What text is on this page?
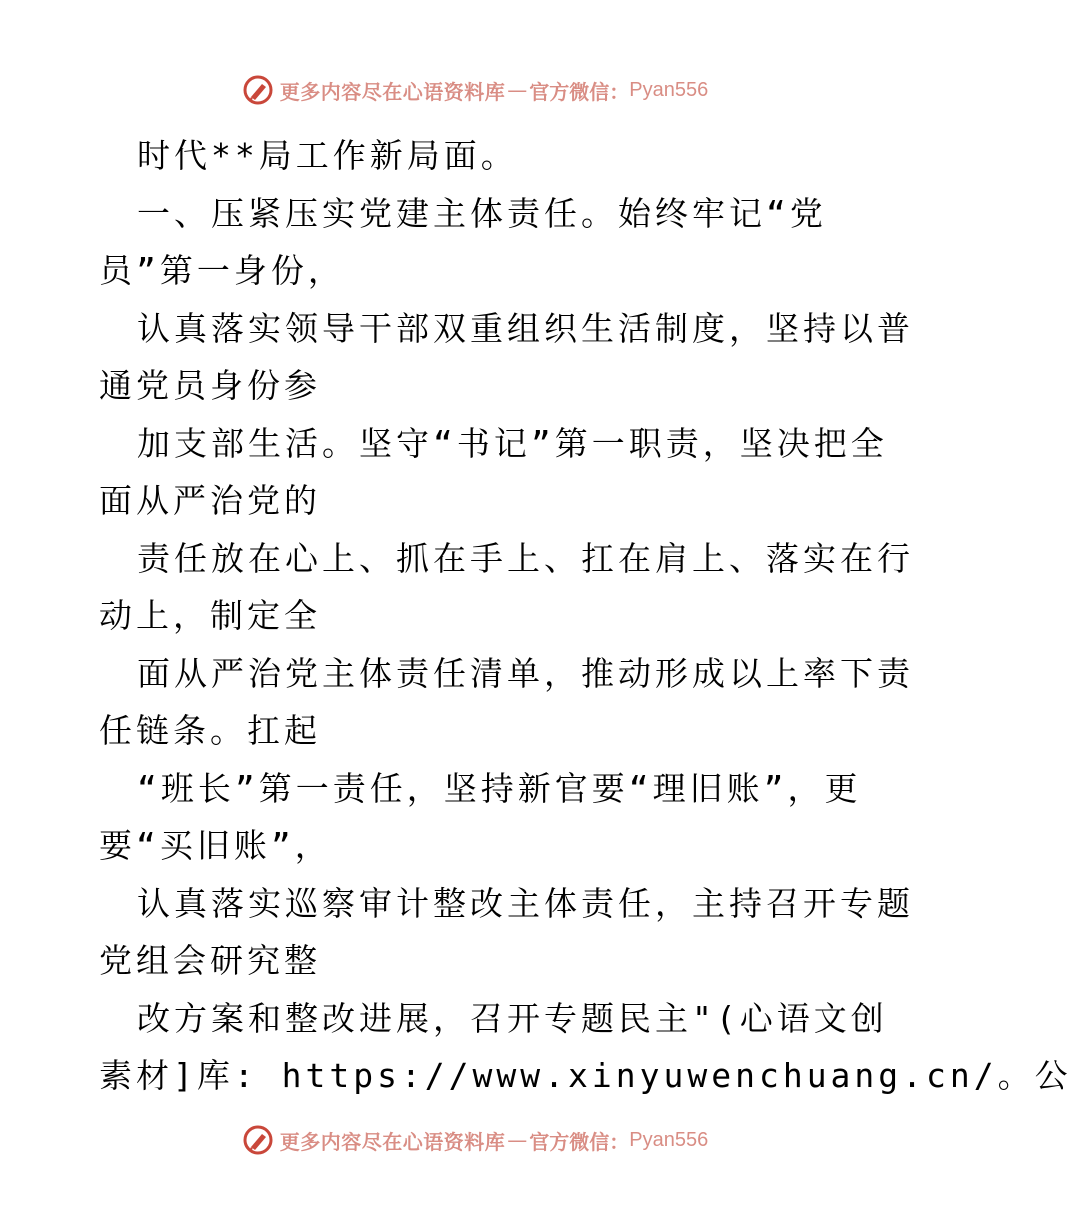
更多内容尽在心语资料库 — 官方微信： Pyan556
时代**局工作新局面。
一、压紧压实党建主体责任。始终牢记“党
员”第一身份，
认真落实领导干部双重组织生活制度，坚持以普
通党员身份参
加支部生活。坚守“书记”第一职责，坚决把全
面从严治党的
责任放在心上、抓在手上、扛在肩上、落实在行
动上，制定全
面从严治党主体责任清单，推动形成以上率下责
任链条。扛起
“班长”第一责任，坚持新官要“理旧账”，更
要“买旧账”，
认真落实巡察审计整改主体责任，主持召开专题
党组会研究整
改方案和整改进展，召开专题民主"(心语文创
素材]库: https://www.xinyuwenchuang.cn/。公
更多内容尽在心语资料库 — 官方微信： Pyan556
